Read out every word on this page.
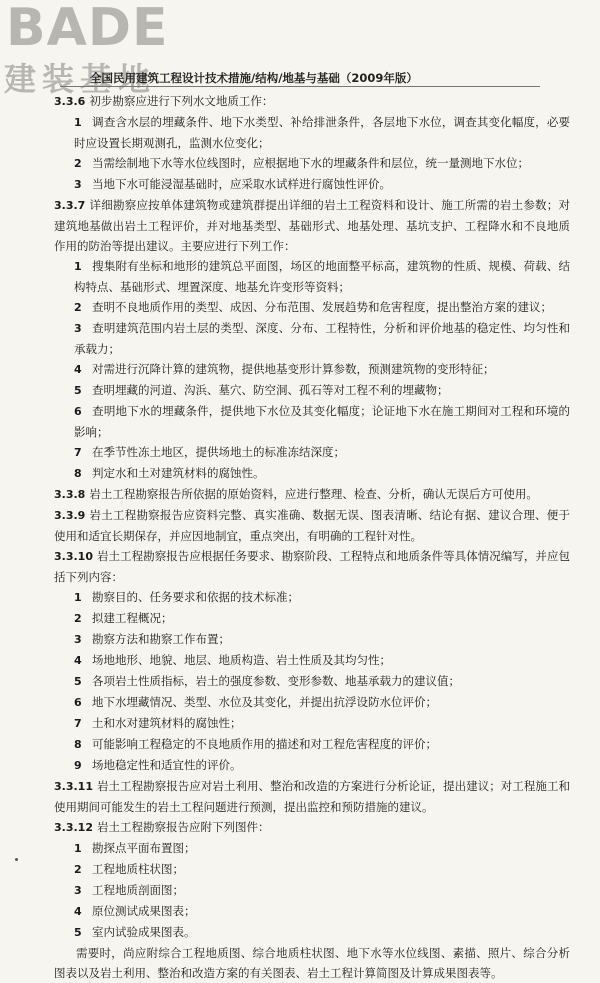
BADE
建装基地
全国民用建筑工程设计技术措施/结构/地基与基础（2009年版）
3.3.6 初步勘察应进行下列水文地质工作：
1 调查含水层的埋藏条件、地下水类型、补给排泄条件，各层地下水位，调查其变化幅度，必要时应设置长期观测孔，监测水位变化；
2 当需绘制地下水等水位线图时，应根据地下水的埋藏条件和层位，统一量测地下水位；
3 当地下水可能浸湿基础时，应采取水试样进行腐蚀性评价。
3.3.7 详细勘察应按单体建筑物或建筑群提出详细的岩土工程资料和设计、施工所需的岩土参数；对建筑地基做出岩土工程评价，并对地基类型、基础形式、地基处理、基坑支护、工程降水和不良地质作用的防治等提出建议。主要应进行下列工作：
1 搜集附有坐标和地形的建筑总平面图，场区的地面整平标高，建筑物的性质、规模、荷载、结构特点、基础形式、埋置深度、地基允许变形等资料；
2 查明不良地质作用的类型、成因、分布范围、发展趋势和危害程度，提出整治方案的建议；
3 查明建筑范围内岩土层的类型、深度、分布、工程特性，分析和评价地基的稳定性、均匀性和承载力；
4 对需进行沉降计算的建筑物，提供地基变形计算参数，预测建筑物的变形特征；
5 查明埋藏的河道、沟浜、墓穴、防空洞、孤石等对工程不利的埋藏物；
6 查明地下水的埋藏条件，提供地下水位及其变化幅度；论证地下水在施工期间对工程和环境的影响；
7 在季节性冻土地区，提供场地土的标准冻结深度；
8 判定水和土对建筑材料的腐蚀性。
3.3.8 岩土工程勘察报告所依据的原始资料，应进行整理、检查、分析，确认无误后方可使用。
3.3.9 岩土工程勘察报告应资料完整、真实准确、数据无误、图表清晰、结论有据、建议合理、便于使用和适宜长期保存，并应因地制宜，重点突出，有明确的工程针对性。
3.3.10 岩土工程勘察报告应根据任务要求、勘察阶段、工程特点和地质条件等具体情况编写，并应包括下列内容：
1 勘察目的、任务要求和依据的技术标准；
2 拟建工程概况；
3 勘察方法和勘察工作布置；
4 场地地形、地貌、地层、地质构造、岩土性质及其均匀性；
5 各项岩土性质指标，岩土的强度参数、变形参数、地基承载力的建议值；
6 地下水埋藏情况、类型、水位及其变化，并提出抗浮设防水位评价；
7 土和水对建筑材料的腐蚀性；
8 可能影响工程稳定的不良地质作用的描述和对工程危害程度的评价；
9 场地稳定性和适宜性的评价。
3.3.11 岩土工程勘察报告应对岩土利用、整治和改造的方案进行分析论证，提出建议；对工程施工和使用期间可能发生的岩土工程问题进行预测，提出监控和预防措施的建议。
3.3.12 岩土工程勘察报告应附下列图件：
1 勘探点平面布置图；
2 工程地质柱状图；
3 工程地质剖面图；
4 原位测试成果图表；
5 室内试验成果图表。
需要时，尚应附综合工程地质图、综合地质柱状图、地下水等水位线图、素描、照片、综合分析图表以及岩土利用、整治和改造方案的有关图表、岩土工程计算简图及计算成果图表等。
